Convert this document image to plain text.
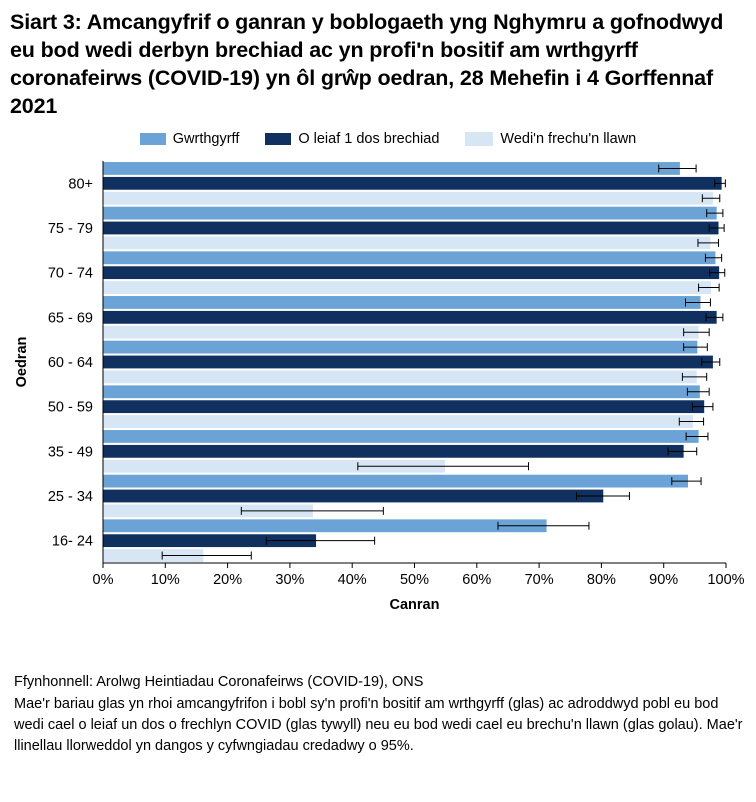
Siart 3: Amcangyfrif o ganran y boblogaeth yng Nghymru a gofnodwyd eu bod wedi derbyn brechiad ac yn profi'n bositif am wrthgyrff coronafeirws (COVID-19) yn ôl grŵp oedran, 28 Mehefin i 4 Gorffennaf 2021
Gwrthgyrff	O leiaf 1 dos brechiad	Wedi'n frechu'n llawn
0%	10% 20% 30% 40% 50% 60% 70% 80% 90% 100%
80+
75 - 79
70 - 74
65 - 69
60 - 64
50 - 59
35 - 49
25 - 34
16- 24
Canran
Oedran

Ffynhonnell: Arolwg Heintiadau Coronafeirws (COVID-19), ONS

Mae'r bariau glas yn rhoi amcangyfrifon i bobl sy'n profi'n bositif am wrthgyrff (glas) ac adroddwyd pobl eu bod wedi cael o leiaf un dos o frechlyn COVID (glas tywyll) neu eu bod wedi cael eu brechu'n llawn (glas golau). Mae'r llinellau llorweddol yn dangos y cyfwngiadau credadwy o 95%.
